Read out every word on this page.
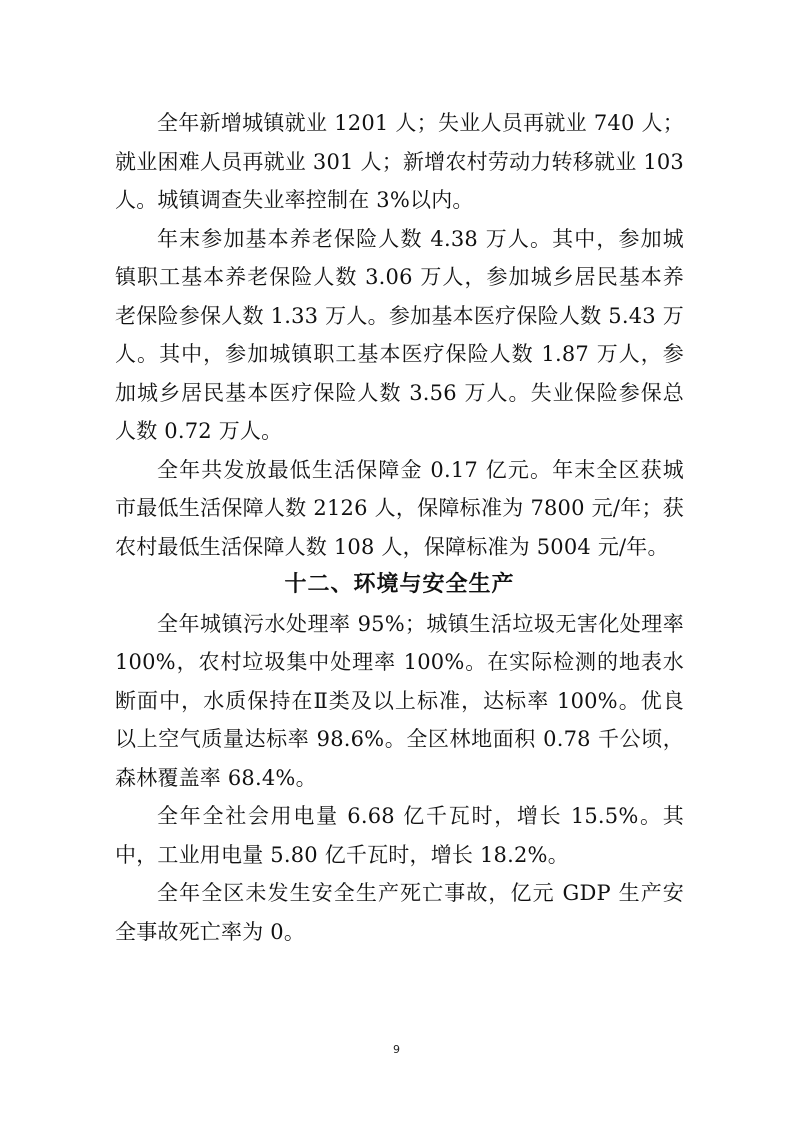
全年新增城镇就业 1201 人；失业人员再就业 740 人；就业困难人员再就业 301 人；新增农村劳动力转移就业 103 人。城镇调查失业率控制在 3%以内。

年末参加基本养老保险人数 4.38 万人。其中，参加城镇职工基本养老保险人数 3.06 万人，参加城乡居民基本养老保险参保人数 1.33 万人。参加基本医疗保险人数 5.43 万人。其中，参加城镇职工基本医疗保险人数 1.87 万人，参加城乡居民基本医疗保险人数 3.56 万人。失业保险参保总人数 0.72 万人。

全年共发放最低生活保障金 0.17 亿元。年末全区获城市最低生活保障人数 2126 人，保障标准为 7800 元/年；获农村最低生活保障人数 108 人，保障标准为 5004 元/年。

十二、环境与安全生产

全年城镇污水处理率 95%；城镇生活垃圾无害化处理率 100%，农村垃圾集中处理率 100%。在实际检测的地表水断面中，水质保持在Ⅱ类及以上标准，达标率 100%。优良以上空气质量达标率 98.6%。全区林地面积 0.78 千公顷，森林覆盖率 68.4%。

全年全社会用电量 6.68 亿千瓦时，增长 15.5%。其中，工业用电量 5.80 亿千瓦时，增长 18.2%。

全年全区未发生安全生产死亡事故，亿元 GDP 生产安全事故死亡率为 0。

9
